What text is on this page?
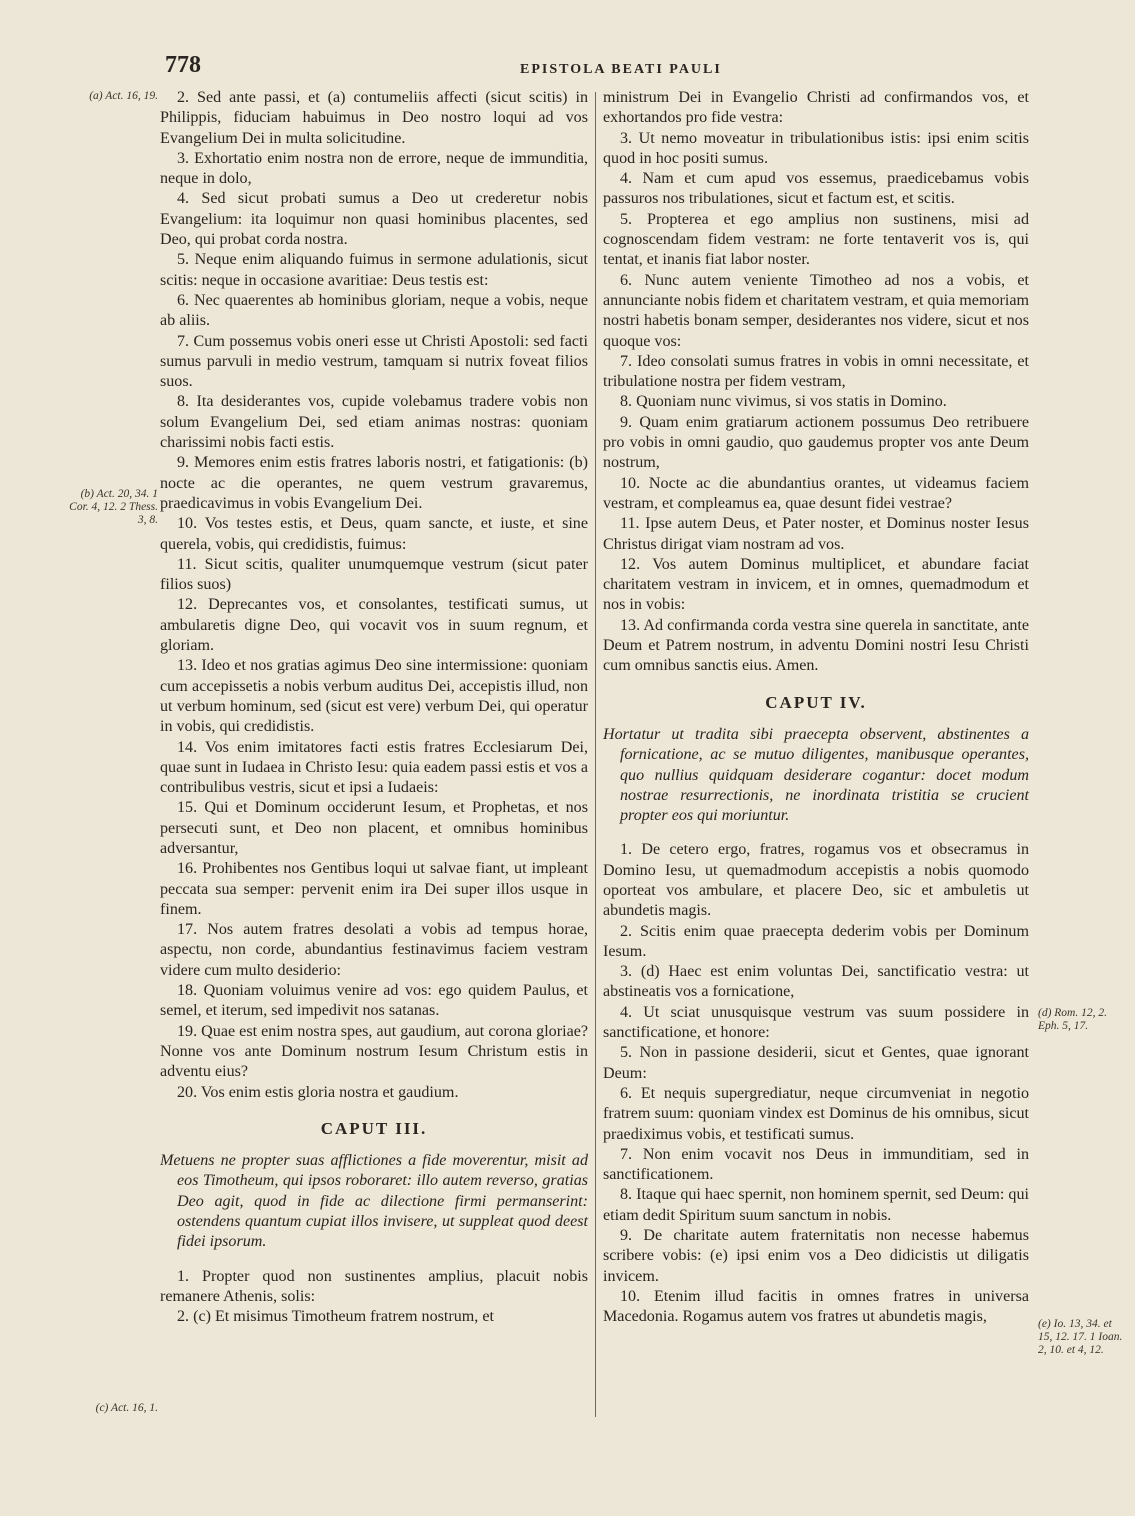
778	EPISTOLA BEATI PAULI
(a) Act. 16, 19.
(b) Act. 20, 34. 1 Cor. 4, 12. 2 Thess. 3, 8.
(c) Act. 16, 1.
(d) Rom. 12, 2. Eph. 5, 17.
(e) Io. 13, 34. et 15, 12. 17. 1 Ioan. 2, 10. et 4, 12.
2. Sed ante passi, et (a) contumeliis affecti (sicut scitis) in Philippis, fiduciam habuimus in Deo nostro loqui ad vos Evangelium Dei in multa solicitudine.
3. Exhortatio enim nostra non de errore, neque de immunditia, neque in dolo,
4. Sed sicut probati sumus a Deo ut crederetur nobis Evangelium: ita loquimur non quasi hominibus placentes, sed Deo, qui probat corda nostra.
5. Neque enim aliquando fuimus in sermone adulationis, sicut scitis: neque in occasione avaritiae: Deus testis est:
6. Nec quaerentes ab hominibus gloriam, neque a vobis, neque ab aliis.
7. Cum possemus vobis oneri esse ut Christi Apostoli: sed facti sumus parvuli in medio vestrum, tamquam si nutrix foveat filios suos.
8. Ita desiderantes vos, cupide volebamus tradere vobis non solum Evangelium Dei, sed etiam animas nostras: quoniam charissimi nobis facti estis.
9. Memores enim estis fratres laboris nostri, et fatigationis: (b) nocte ac die operantes, ne quem vestrum gravaremus, praedicavimus in vobis Evangelium Dei.
10. Vos testes estis, et Deus, quam sancte, et iuste, et sine querela, vobis, qui credidistis, fuimus:
11. Sicut scitis, qualiter unumquemque vestrum (sicut pater filios suos)
12. Deprecantes vos, et consolantes, testificati sumus, ut ambularetis digne Deo, qui vocavit vos in suum regnum, et gloriam.
13. Ideo et nos gratias agimus Deo sine intermissione: quoniam cum accepissetis a nobis verbum auditus Dei, accepistis illud, non ut verbum hominum, sed (sicut est vere) verbum Dei, qui operatur in vobis, qui credidistis.
14. Vos enim imitatores facti estis fratres Ecclesiarum Dei, quae sunt in Iudaea in Christo Iesu: quia eadem passi estis et vos a contribulibus vestris, sicut et ipsi a Iudaeis:
15. Qui et Dominum occiderunt Iesum, et Prophetas, et nos persecuti sunt, et Deo non placent, et omnibus hominibus adversantur,
16. Prohibentes nos Gentibus loqui ut salvae fiant, ut impleant peccata sua semper: pervenit enim ira Dei super illos usque in finem.
17. Nos autem fratres desolati a vobis ad tempus horae, aspectu, non corde, abundantius festinavimus faciem vestram videre cum multo desiderio:
18. Quoniam voluimus venire ad vos: ego quidem Paulus, et semel, et iterum, sed impedivit nos satanas.
19. Quae est enim nostra spes, aut gaudium, aut corona gloriae? Nonne vos ante Dominum nostrum Iesum Christum estis in adventu eius?
20. Vos enim estis gloria nostra et gaudium.
CAPUT III.
Metuens ne propter suas afflictiones a fide moverentur, misit ad eos Timotheum, qui ipsos roboraret: illo autem reverso, gratias Deo agit, quod in fide ac dilectione firmi permanserint: ostendens quantum cupiat illos invisere, ut suppleat quod deest fidei ipsorum.
1. Propter quod non sustinentes amplius, placuit nobis remanere Athenis, solis:
2. (c) Et misimus Timotheum fratrem nostrum, et
ministrum Dei in Evangelio Christi ad confirmandos vos, et exhortandos pro fide vestra:
3. Ut nemo moveatur in tribulationibus istis: ipsi enim scitis quod in hoc positi sumus.
4. Nam et cum apud vos essemus, praedicebamus vobis passuros nos tribulationes, sicut et factum est, et scitis.
5. Propterea et ego amplius non sustinens, misi ad cognoscendam fidem vestram: ne forte tentaverit vos is, qui tentat, et inanis fiat labor noster.
6. Nunc autem veniente Timotheo ad nos a vobis, et annunciante nobis fidem et charitatem vestram, et quia memoriam nostri habetis bonam semper, desiderantes nos videre, sicut et nos quoque vos:
7. Ideo consolati sumus fratres in vobis in omni necessitate, et tribulatione nostra per fidem vestram,
8. Quoniam nunc vivimus, si vos statis in Domino.
9. Quam enim gratiarum actionem possumus Deo retribuere pro vobis in omni gaudio, quo gaudemus propter vos ante Deum nostrum,
10. Nocte ac die abundantius orantes, ut videamus faciem vestram, et compleamus ea, quae desunt fidei vestrae?
11. Ipse autem Deus, et Pater noster, et Dominus noster Iesus Christus dirigat viam nostram ad vos.
12. Vos autem Dominus multiplicet, et abundare faciat charitatem vestram in invicem, et in omnes, quemadmodum et nos in vobis:
13. Ad confirmanda corda vestra sine querela in sanctitate, ante Deum et Patrem nostrum, in adventu Domini nostri Iesu Christi cum omnibus sanctis eius. Amen.
CAPUT IV.
Hortatur ut tradita sibi praecepta observent, abstinentes a fornicatione, ac se mutuo diligentes, manibusque operantes, quo nullius quidquam desiderare cogantur: docet modum nostrae resurrectionis, ne inordinata tristitia se crucient propter eos qui moriuntur.
1. De cetero ergo, fratres, rogamus vos et obsecramus in Domino Iesu, ut quemadmodum accepistis a nobis quomodo oporteat vos ambulare, et placere Deo, sic et ambuletis ut abundetis magis.
2. Scitis enim quae praecepta dederim vobis per Dominum Iesum.
3. (d) Haec est enim voluntas Dei, sanctificatio vestra: ut abstineatis vos a fornicatione,
4. Ut sciat unusquisque vestrum vas suum possidere in sanctificatione, et honore:
5. Non in passione desiderii, sicut et Gentes, quae ignorant Deum:
6. Et nequis supergrediatur, neque circumveniat in negotio fratrem suum: quoniam vindex est Dominus de his omnibus, sicut praediximus vobis, et testificati sumus.
7. Non enim vocavit nos Deus in immunditiam, sed in sanctificationem.
8. Itaque qui haec spernit, non hominem spernit, sed Deum: qui etiam dedit Spiritum suum sanctum in nobis.
9. De charitate autem fraternitatis non necesse habemus scribere vobis: (e) ipsi enim vos a Deo didicistis ut diligatis invicem.
10. Etenim illud facitis in omnes fratres in universa Macedonia. Rogamus autem vos fratres ut abundetis magis,
